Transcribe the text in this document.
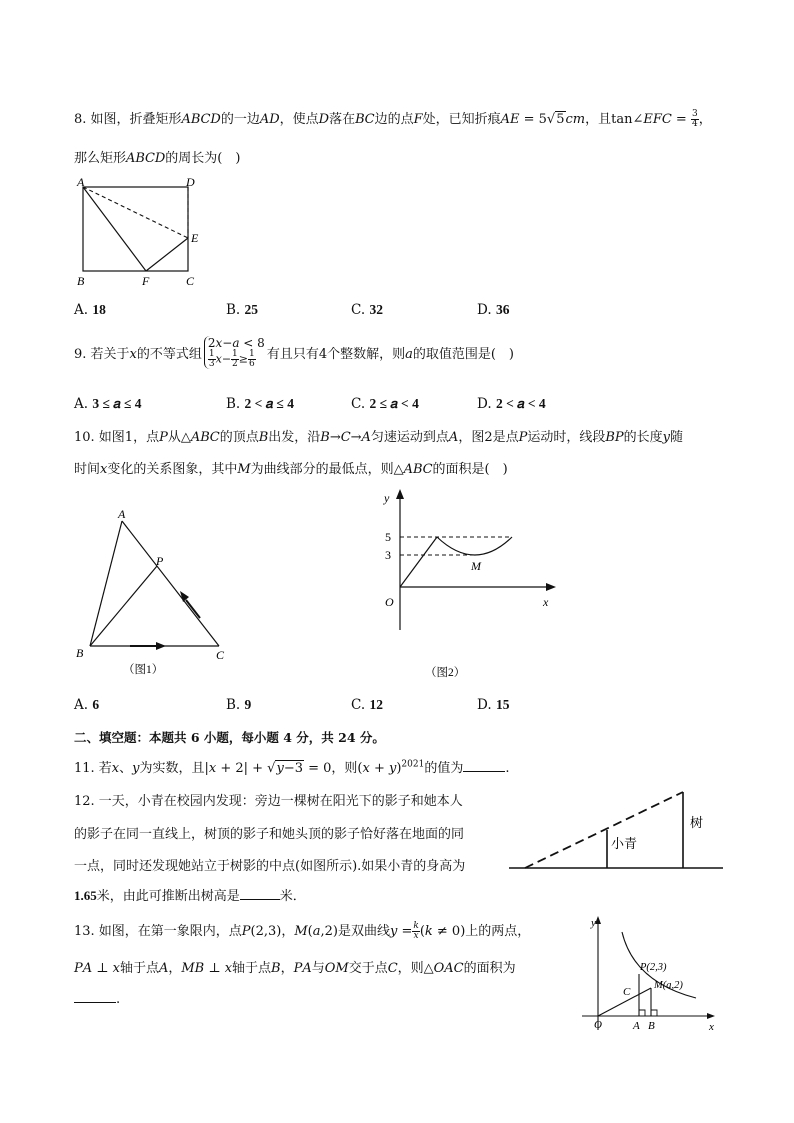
8. 如图，折叠矩形𝐴𝐵𝐶𝐷的一边𝐴𝐷，使点𝐷落在𝐵𝐶边的点𝐹处，已知折痕𝐴𝐸 = 5√5𝑐𝑚，且tan∠𝐸𝐹𝐶 = $\frac{3}{4}$ ，
那么矩形𝐴𝐵𝐶𝐷的周长为(　)
A	D
E
B	F	C
A. 18	B. 25	C. 32	D. 36
9. 若关于𝑥的不等式组
2𝑥−𝑎 < 8
$\frac{1}{3}$ 𝑥− $\frac{1}{2} \ge \frac{1}{6}$ 有且只有4个整数解，则𝑎的取值范围是(　)
A. 3 ≤ 𝑎 ≤ 4	B. 2 < 𝑎 ≤ 4	C. 2 ≤ 𝑎 < 4	D. 2 < 𝑎 < 4
10. 如图1，点𝑃从△𝐴𝐵𝐶的顶点𝐵出发，沿𝐵→𝐶→𝐴匀速运动到点𝐴，图2是点𝑃运动时，线段𝐵𝑃的长度𝑦随
时间𝑥变化的关系图象，其中𝑀为曲线部分的最低点，则△𝐴𝐵𝐶的面积是(　)
A
P
B	C
（图1）
y
5
3
M
O	x
（图2）
A. 6	B. 9	C. 12	D. 15
二、填空题：本题共 6 小题，每小题 4 分，共 24 分。
11. 若𝑥、𝑦为实数，且|𝑥 + 2| + √𝑦−3 = 0，则(𝑥 + 𝑦)$^{2021}$的值为	.
12. 一天，小青在校园内发现：旁边一棵树在阳光下的影子和她本人
的影子在同一直线上，树顶的影子和她头顶的影子恰好落在地面的同
一点，同时还发现她站立于树影的中点(如图所示).如果小青的身高为
1.65米，由此可推断出树高是	米．
小青
树
13. 如图，在第一象限内，点𝑃(2,3)，𝑀(𝑎,2)是双曲线𝑦 = $\frac{\text{𝑘}}{\text{𝑥}}$ (𝑘 ≠ 0)上的两点，
𝑃𝐴 ⊥ 𝑥轴于点𝐴，𝑀𝐵 ⊥ 𝑥轴于点𝐵，𝑃𝐴与𝑂𝑀交于点𝐶，则△𝑂𝐴𝐶的面积为
.
y
x
O	A B
C
P(2,3)
M(a,2)
